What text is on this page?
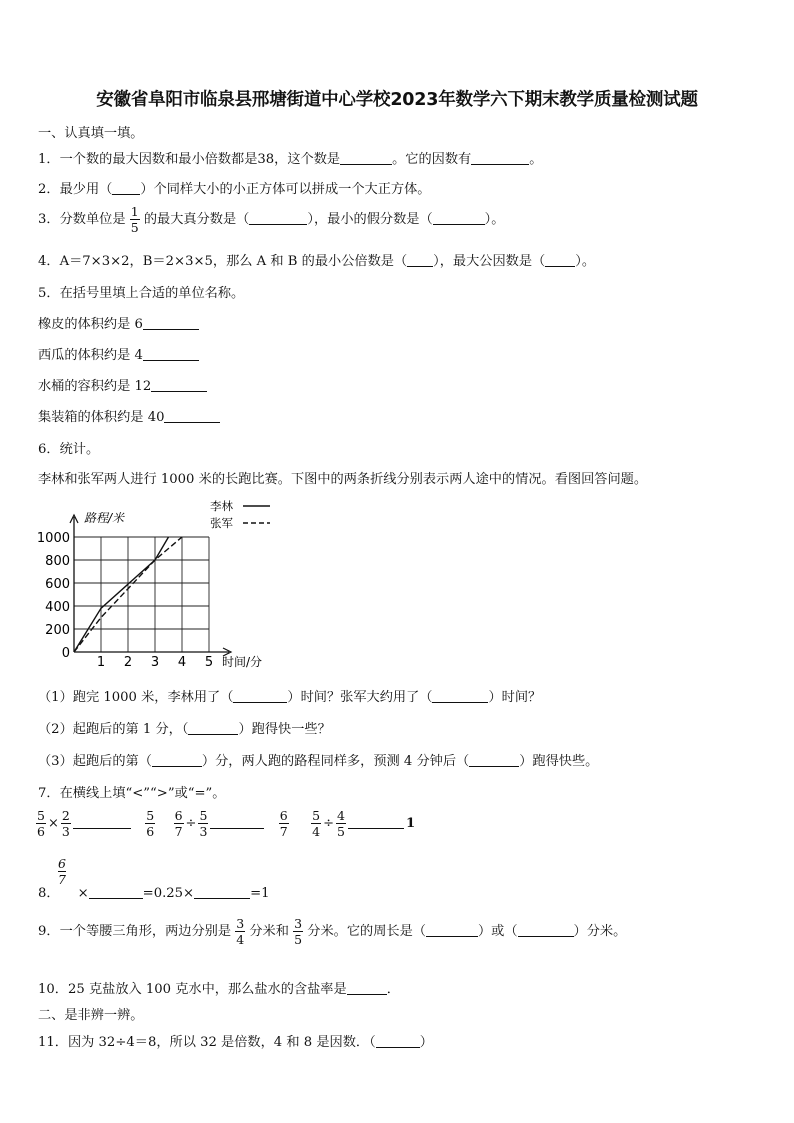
安徽省阜阳市临泉县邢塘街道中心学校2023年数学六下期末教学质量检测试题
一、认真填一填。
1．一个数的最大因数和最小倍数都是38，这个数是	。它的因数有	。
2．最少用（ ）个同样大小的小正方体可以拼成一个大正方体。
3．分数单位是 $\frac{1}{5}$ 的最大真分数是（	），最小的假分数是（	）。
4．A＝7×3×2，B＝2×3×5，那么 A 和 B 的最小公倍数是（ ），最大公因数是（ ）。
5．在括号里填上合适的单位名称。
橡皮的体积约是 6
西瓜的体积约是 4
水桶的容积约是 12
集装箱的体积约是 40
6．统计。
李林和张军两人进行 1000 米的长跑比赛。下图中的两条折线分别表示两人途中的情况。看图回答问题。
1 2 3 4 5
200
400
600
800
1000
0
路程/米
时间/分
李林
张军
（1）跑完 1000 米，李林用了（	）时间？张军大约用了（	）时间？
（2）起跑后的第 1 分，（	）跑得快一些？
（3）起跑后的第（	）分，两人跑的路程同样多，预测 4 分钟后（	）跑得快些。
7．在横线上填“<”“>”或“=”。
$\frac{5}{6} \times \frac{2}{3}$
	$\frac{5}{6}$
$\frac{6}{7} \div \frac{5}{3}$
	$\frac{6}{7}$
$\frac{5}{4} \div \frac{4}{5}$	1
$\frac{6}{7}$
8． ×	=0.25×	=1
9．一个等腰三角形，两边分别是 $\frac{3}{4}$ 分米和 $\frac{3}{5}$ 分米。它的周长是（	）或（	）分米。
10．25 克盐放入 100 克水中，那么盐水的含盐率是	．
二、是非辨一辨。
11．因为 32÷4＝8，所以 32 是倍数，4 和 8 是因数．（	）
